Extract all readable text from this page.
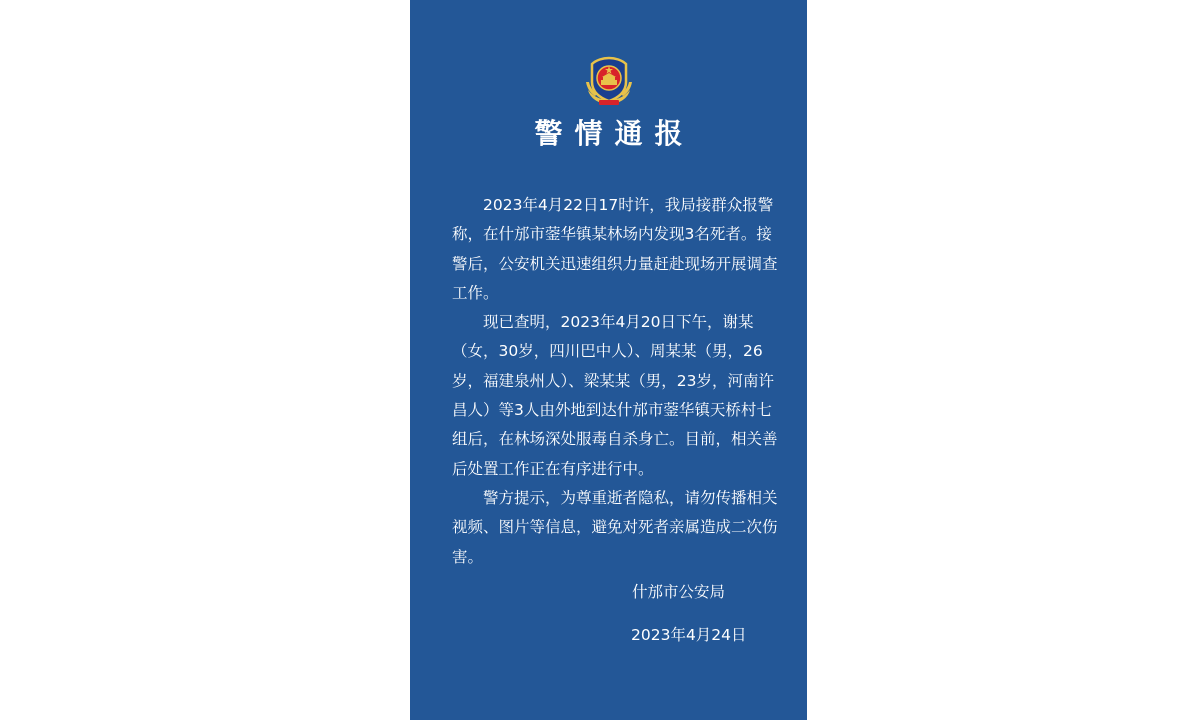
警情通报

2023年4月22日17时许，我局接群众报警称，在什邡市蓥华镇某林场内发现3名死者。接警后，公安机关迅速组织力量赶赴现场开展调查工作。

现已查明，2023年4月20日下午，谢某（女，30岁，四川巴中人）、周某某（男，26岁，福建泉州人）、梁某某（男，23岁，河南许昌人）等3人由外地到达什邡市蓥华镇天桥村七组后，在林场深处服毒自杀身亡。目前，相关善后处置工作正在有序进行中。

警方提示，为尊重逝者隐私，请勿传播相关视频、图片等信息，避免对死者亲属造成二次伤害。

什邡市公安局
2023年4月24日
